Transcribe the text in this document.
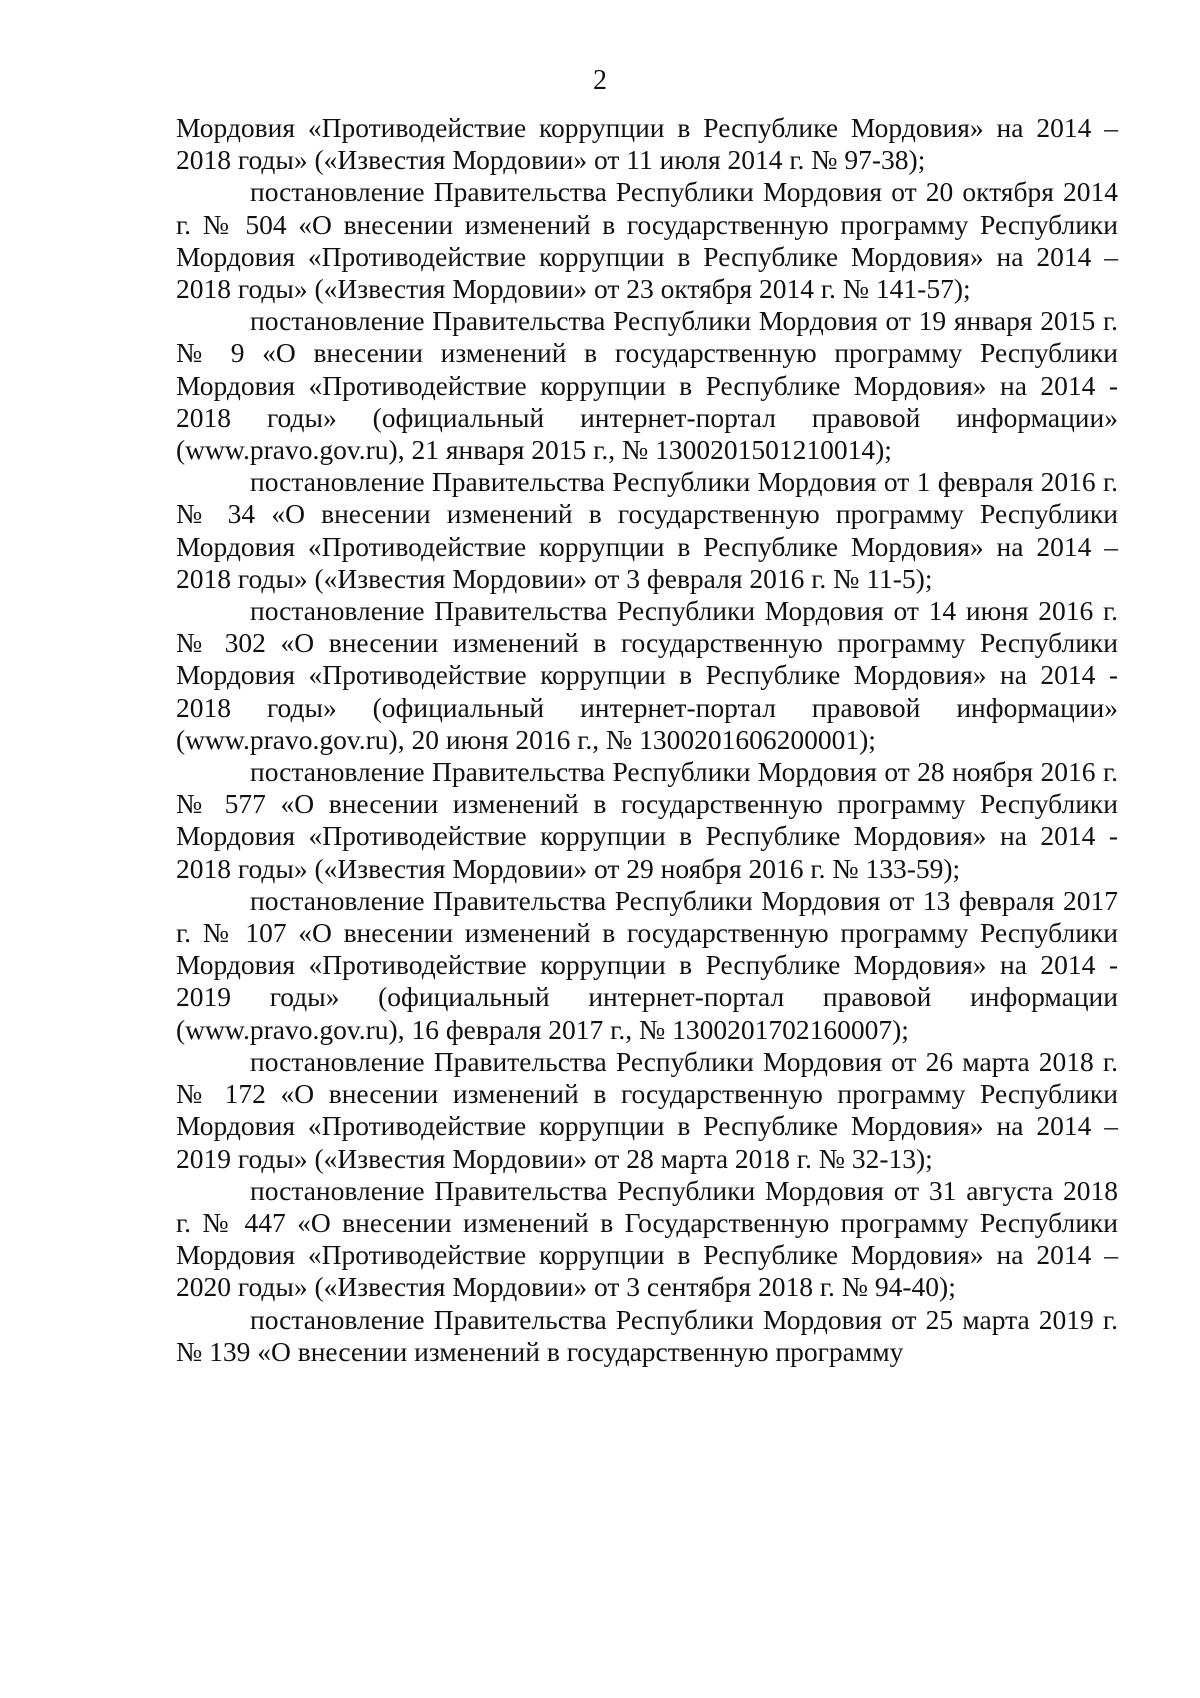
2

Мордовия «Противодействие коррупции в Республике Мордовия» на 2014 – 2018 годы» («Известия Мордовии» от 11 июля 2014 г. № 97-38);

постановление Правительства Республики Мордовия от 20 октября 2014 г. № 504 «О внесении изменений в государственную программу Республики Мордовия «Противодействие коррупции в Республике Мордовия» на 2014 – 2018 годы» («Известия Мордовии» от 23 октября 2014 г. № 141-57);

постановление Правительства Республики Мордовия от 19 января 2015 г. № 9 «О внесении изменений в государственную программу Республики Мордовия «Противодействие коррупции в Республике Мордовия» на 2014 - 2018 годы» (официальный интернет-портал правовой информации» (www.pravo.gov.ru), 21 января 2015 г., № 1300201501210014);

постановление Правительства Республики Мордовия от 1 февраля 2016 г. № 34 «О внесении изменений в государственную программу Республики Мордовия «Противодействие коррупции в Республике Мордовия» на 2014 – 2018 годы» («Известия Мордовии» от 3 февраля 2016 г. № 11-5);

постановление Правительства Республики Мордовия от 14 июня 2016 г. № 302 «О внесении изменений в государственную программу Республики Мордовия «Противодействие коррупции в Республике Мордовия» на 2014 - 2018 годы» (официальный интернет-портал правовой информации» (www.pravo.gov.ru), 20 июня 2016 г., № 1300201606200001);

постановление Правительства Республики Мордовия от 28 ноября 2016 г. № 577 «О внесении изменений в государственную программу Республики Мордовия «Противодействие коррупции в Республике Мордовия» на 2014 - 2018 годы» («Известия Мордовии» от 29 ноября 2016 г. № 133-59);

постановление Правительства Республики Мордовия от 13 февраля 2017 г. № 107 «О внесении изменений в государственную программу Республики Мордовия «Противодействие коррупции в Республике Мордовия» на 2014 - 2019 годы» (официальный интернет-портал правовой информации (www.pravo.gov.ru), 16 февраля 2017 г., № 1300201702160007);

постановление Правительства Республики Мордовия от 26 марта 2018 г. № 172 «О внесении изменений в государственную программу Республики Мордовия «Противодействие коррупции в Республике Мордовия» на 2014 – 2019 годы» («Известия Мордовии» от 28 марта 2018 г. № 32-13);

постановление Правительства Республики Мордовия от 31 августа 2018 г. № 447 «О внесении изменений в Государственную программу Республики Мордовия «Противодействие коррупции в Республике Мордовия» на 2014 – 2020 годы» («Известия Мордовии» от 3 сентября 2018 г. № 94-40);

постановление Правительства Республики Мордовия от 25 марта 2019 г. № 139 «О внесении изменений в государственную программу
